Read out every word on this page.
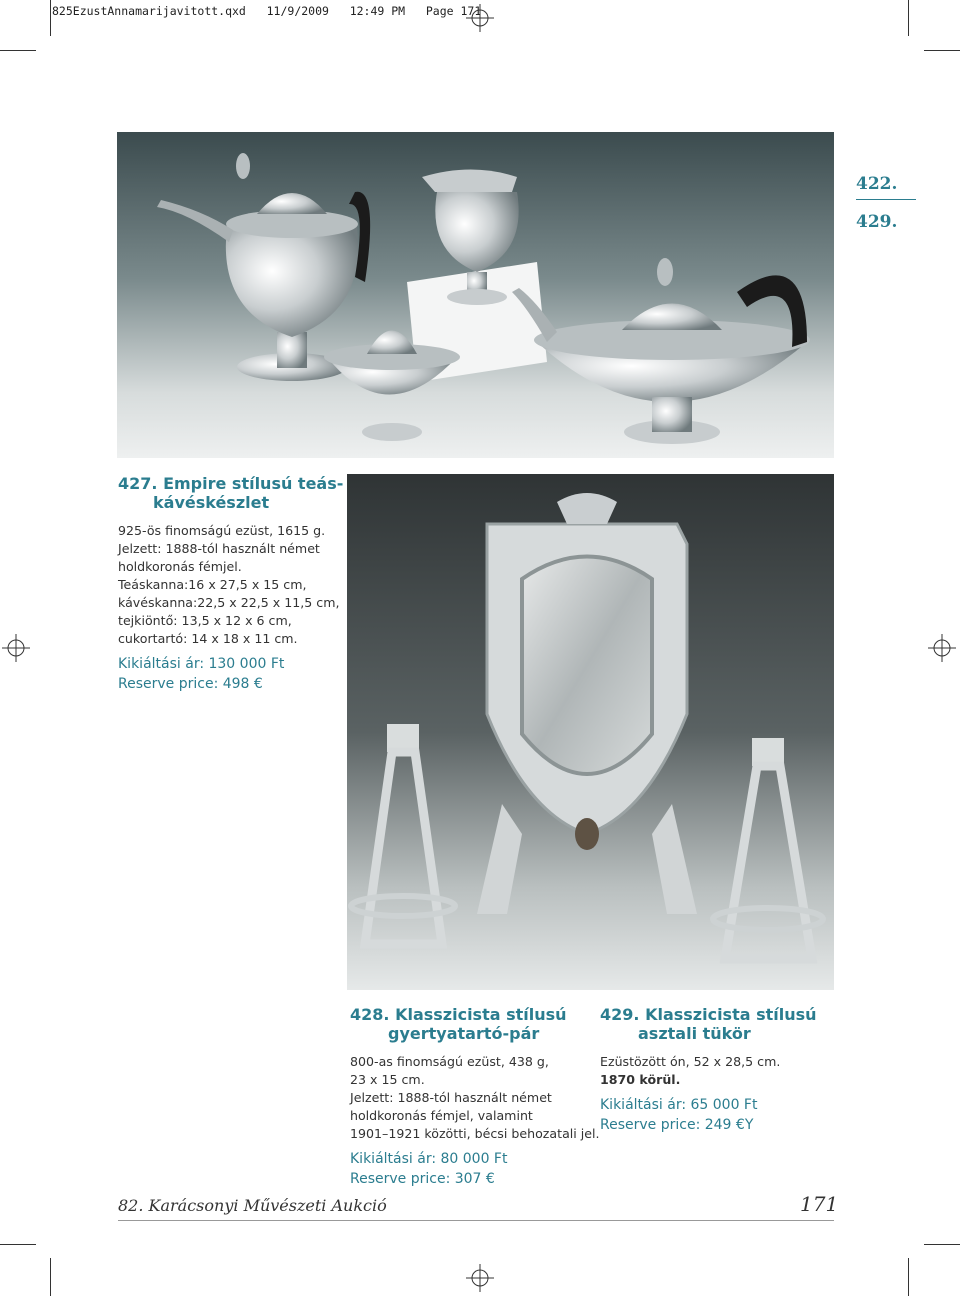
825EzustAnnamarijavitott.qxd   11/9/2009   12:49 PM   Page 171
422.
429.
427. Empire stílusú teás-
kávéskészlet
925-ös finomságú ezüst, 1615 g.
Jelzett: 1888-tól használt német
holdkoronás fémjel.
Teáskanna:16 x 27,5 x 15 cm,
kávéskanna:22,5 x 22,5 x 11,5 cm,
tejkiöntő: 13,5 x 12 x 6 cm,
cukortartó: 14 x 18 x 11 cm.
Kikiáltási ár: 130 000 Ft
Reserve price: 498 €
428. Klasszicista stílusú
gyertyatartó-pár
800-as finomságú ezüst, 438 g,
23 x 15 cm.
Jelzett: 1888-tól használt német
holdkoronás fémjel, valamint
1901–1921 közötti, bécsi behozatali jel.
Kikiáltási ár: 80 000 Ft
Reserve price: 307 €
429. Klasszicista stílusú
asztali tükör
Ezüstözött ón, 52 x 28,5 cm.
1870 körül.
Kikiáltási ár: 65 000 Ft
Reserve price: 249 €Y
82. Karácsonyi Művészeti Aukció	171
